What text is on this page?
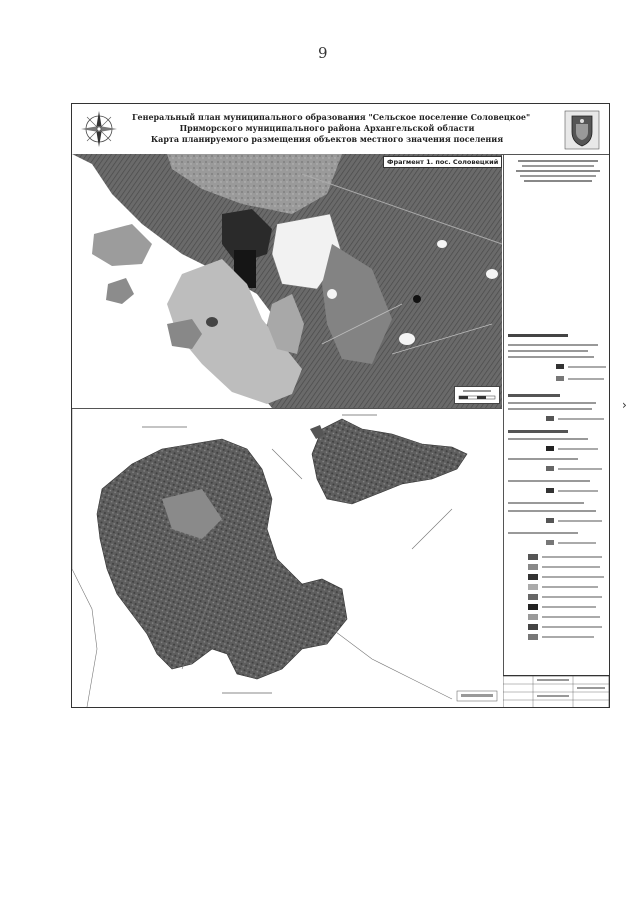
9
Генеральный план муниципального образования "Сельское поселение Соловецкое"
Приморского муниципального района Архангельской области
Карта планируемого размещения объектов местного значения поселения
Фрагмент 1. пос. Соловецкий
›
